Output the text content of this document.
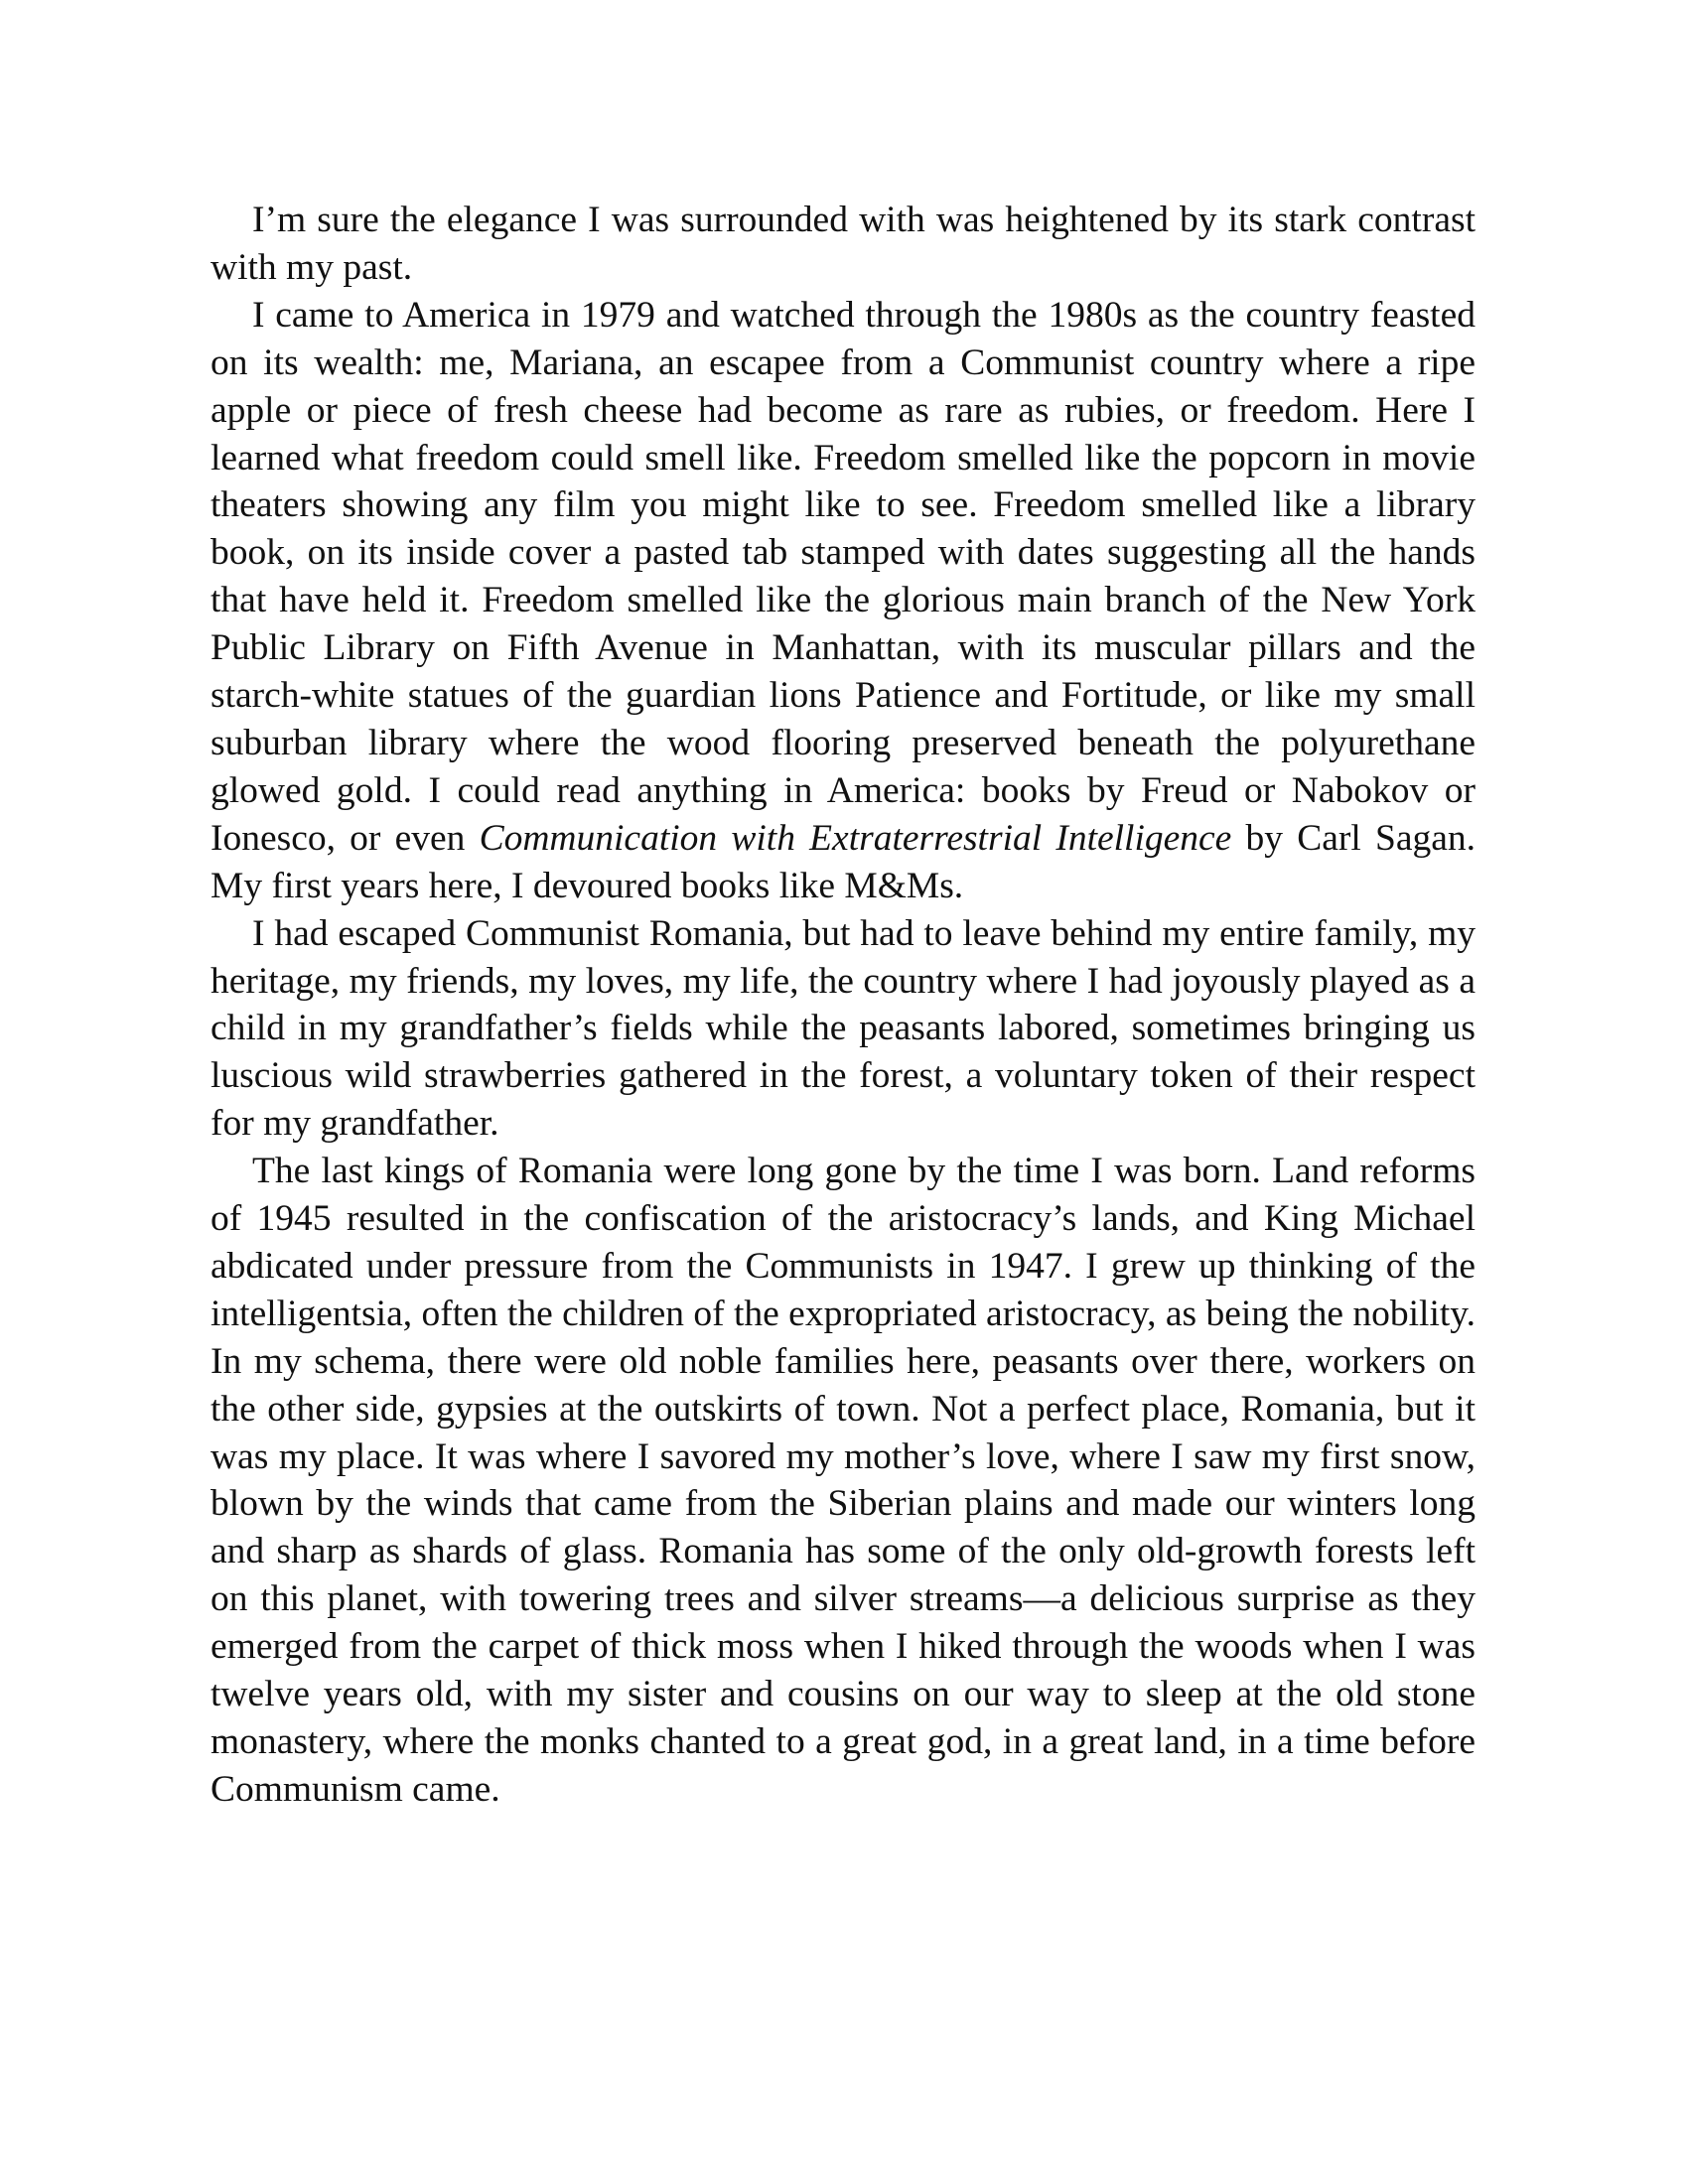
I’m sure the elegance I was surrounded with was heightened by its stark contrast with my past.

I came to America in 1979 and watched through the 1980s as the country feasted on its wealth: me, Mariana, an escapee from a Communist country where a ripe apple or piece of fresh cheese had become as rare as rubies, or freedom. Here I learned what freedom could smell like. Freedom smelled like the popcorn in movie theaters showing any film you might like to see. Freedom smelled like a library book, on its inside cover a pasted tab stamped with dates suggesting all the hands that have held it. Freedom smelled like the glorious main branch of the New York Public Library on Fifth Avenue in Manhattan, with its muscular pillars and the starch-white statues of the guardian lions Patience and Fortitude, or like my small suburban library where the wood flooring preserved beneath the polyurethane glowed gold. I could read anything in America: books by Freud or Nabokov or Ionesco, or even Communication with Extraterrestrial Intelligence by Carl Sagan. My first years here, I devoured books like M&Ms.

I had escaped Communist Romania, but had to leave behind my entire family, my heritage, my friends, my loves, my life, the country where I had joyously played as a child in my grandfather’s fields while the peasants labored, sometimes bringing us luscious wild strawberries gathered in the forest, a voluntary token of their respect for my grandfather.

The last kings of Romania were long gone by the time I was born. Land reforms of 1945 resulted in the confiscation of the aristocracy’s lands, and King Michael abdicated under pressure from the Communists in 1947. I grew up thinking of the intelligentsia, often the children of the expropriated aristocracy, as being the nobility. In my schema, there were old noble families here, peasants over there, workers on the other side, gypsies at the outskirts of town. Not a perfect place, Romania, but it was my place. It was where I savored my mother’s love, where I saw my first snow, blown by the winds that came from the Siberian plains and made our winters long and sharp as shards of glass. Romania has some of the only old-growth forests left on this planet, with towering trees and silver streams—a delicious surprise as they emerged from the carpet of thick moss when I hiked through the woods when I was twelve years old, with my sister and cousins on our way to sleep at the old stone monastery, where the monks chanted to a great god, in a great land, in a time before Communism came.
